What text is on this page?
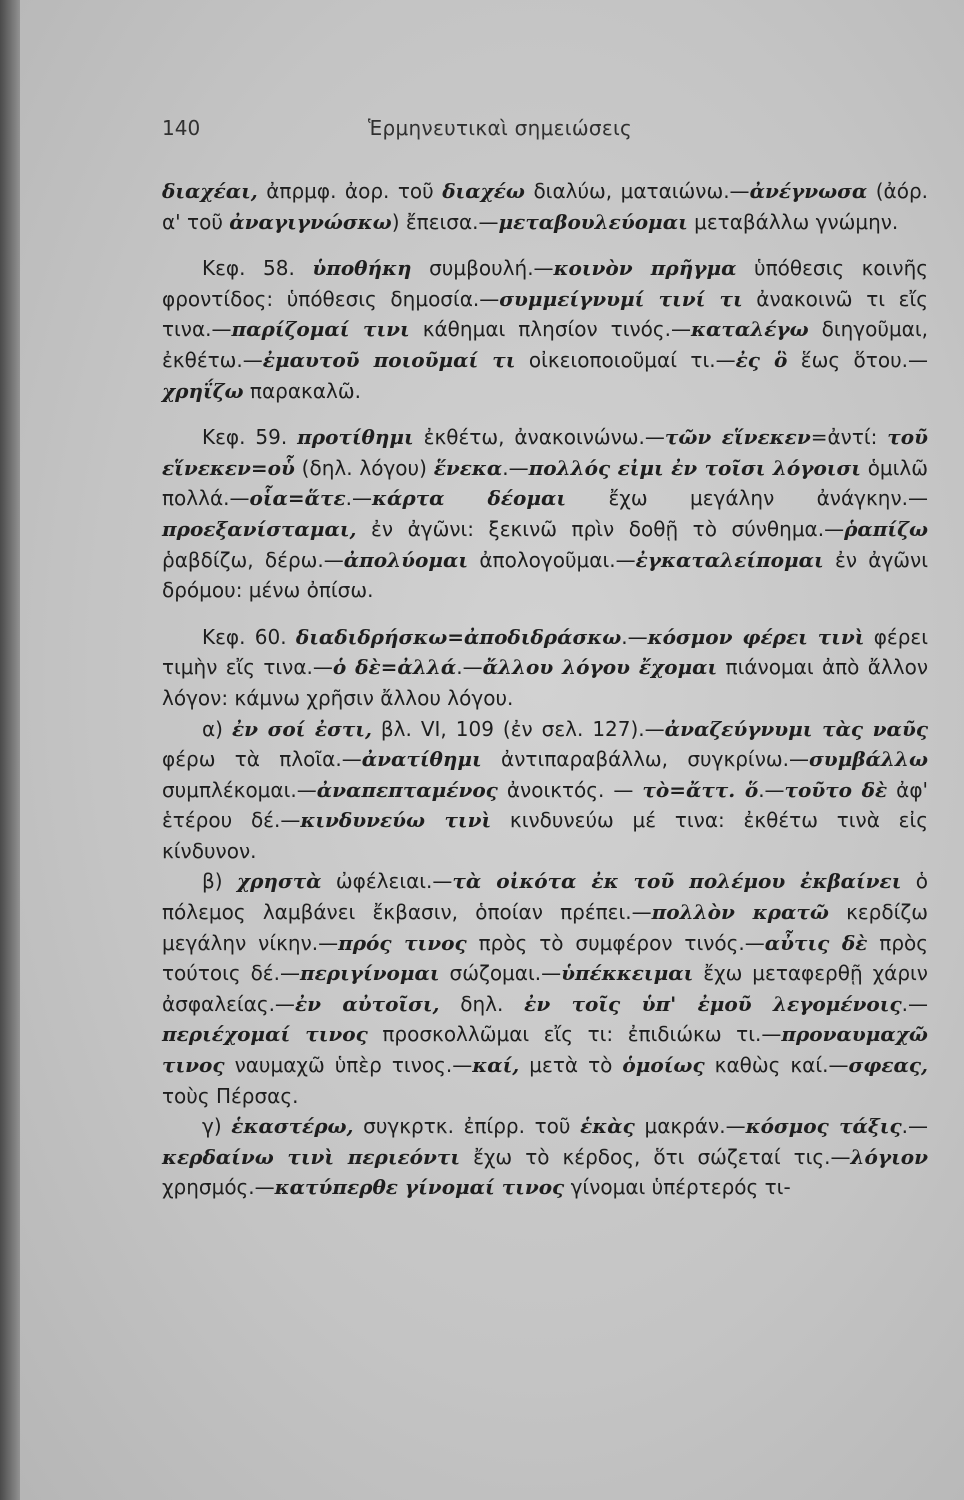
140	Ἑρμηνευτικαὶ σημειώσεις

διαχέαι, ἀπρμφ. ἀορ. τοῦ διαχέω διαλύω, ματαιώνω.—ἀνέγνωσα (ἀόρ. α' τοῦ ἀναγιγνώσκω) ἔπεισα.—μεταβουλεύομαι μεταβάλλω γνώμην.

Κεφ. 58. ὑποθήκη συμβουλή.—κοινὸν πρῆγμα ὑπόθεσις κοινῆς φροντίδος: ὑπόθεσις δημοσία.—συμμείγνυμί τινί τι ἀνακοινῶ τι εἴς τινα.—παρίζομαί τινι κάθημαι πλησίον τινός.—καταλέγω διηγοῦμαι, ἐκθέτω.—ἐμαυτοῦ ποιοῦμαί τι οἰκειοποιοῦμαί τι.—ἐς ὃ ἕως ὅτου.—χρηΐζω παρακαλῶ.

Κεφ. 59. προτίθημι ἐκθέτω, ἀνακοινώνω.—τῶν εἵνεκεν=ἀντί: τοῦ εἵνεκεν=οὗ (δηλ. λόγου) ἕνεκα.—πολλός εἰμι ἐν τοῖσι λόγοισι ὁμιλῶ πολλά.—οἷα=ἅτε.—κάρτα δέομαι ἔχω μεγάλην ἀνάγκην.—προεξανίσταμαι, ἐν ἀγῶνι: ξεκινῶ πρὶν δοθῇ τὸ σύνθημα.—ῥαπίζω ῥαβδίζω, δέρω.—ἀπολύομαι ἀπολογοῦμαι.—ἐγκαταλείπομαι ἐν ἀγῶνι δρόμου: μένω ὀπίσω.

Κεφ. 60. διαδιδρήσκω=ἀποδιδράσκω.—κόσμον φέρει τινὶ φέρει τιμὴν εἴς τινα.—ὁ δὲ=ἀλλά.—ἄλλου λόγου ἔχομαι πιάνομαι ἀπὸ ἄλλον λόγον: κάμνω χρῆσιν ἄλλου λόγου.

α) ἐν σοί ἐστι, βλ. VI, 109 (ἐν σελ. 127).—ἀναζεύγνυμι τὰς ναῦς φέρω τὰ πλοῖα.—ἀνατίθημι ἀντιπαραβάλλω, συγκρίνω.—συμβάλλω συμπλέκομαι.—ἀναπεπταμένος ἀνοικτός. — τὸ=ἄττ. ὅ.—τοῦτο δὲ ἀφ' ἑτέρου δέ.—κινδυνεύω τινὶ κινδυνεύω μέ τινα: ἐκθέτω τινὰ εἰς κίνδυνον.

β) χρηστὰ ὠφέλειαι.—τὰ οἰκότα ἐκ τοῦ πολέμου ἐκβαίνει ὁ πόλεμος λαμβάνει ἔκβασιν, ὁποίαν πρέπει.—πολλὸν κρατῶ κερδίζω μεγάλην νίκην.—πρός τινος πρὸς τὸ συμφέρον τινός.—αὖτις δὲ πρὸς τούτοις δέ.—περιγίνομαι σώζομαι.—ὑπέκκειμαι ἔχω μεταφερθῇ χάριν ἀσφαλείας.—ἐν αὐτοῖσι, δηλ. ἐν τοῖς ὑπ' ἐμοῦ λεγομένοις.—περιέχομαί τινος προσκολλῶμαι εἴς τι: ἐπιδιώκω τι.—προναυμαχῶ τινος ναυμαχῶ ὑπὲρ τινος.—καί, μετὰ τὸ ὁμοίως καθὼς καί.—σφεας, τοὺς Πέρσας.

γ) ἑκαστέρω, συγκρτκ. ἐπίρρ. τοῦ ἑκὰς μακράν.—κόσμος τάξις.—κερδαίνω τινὶ περιεόντι ἔχω τὸ κέρδος, ὅτι σώζεταί τις.—λόγιον χρησμός.—κατύπερθε γίνομαί τινος γίνομαι ὑπέρτερός τι-
